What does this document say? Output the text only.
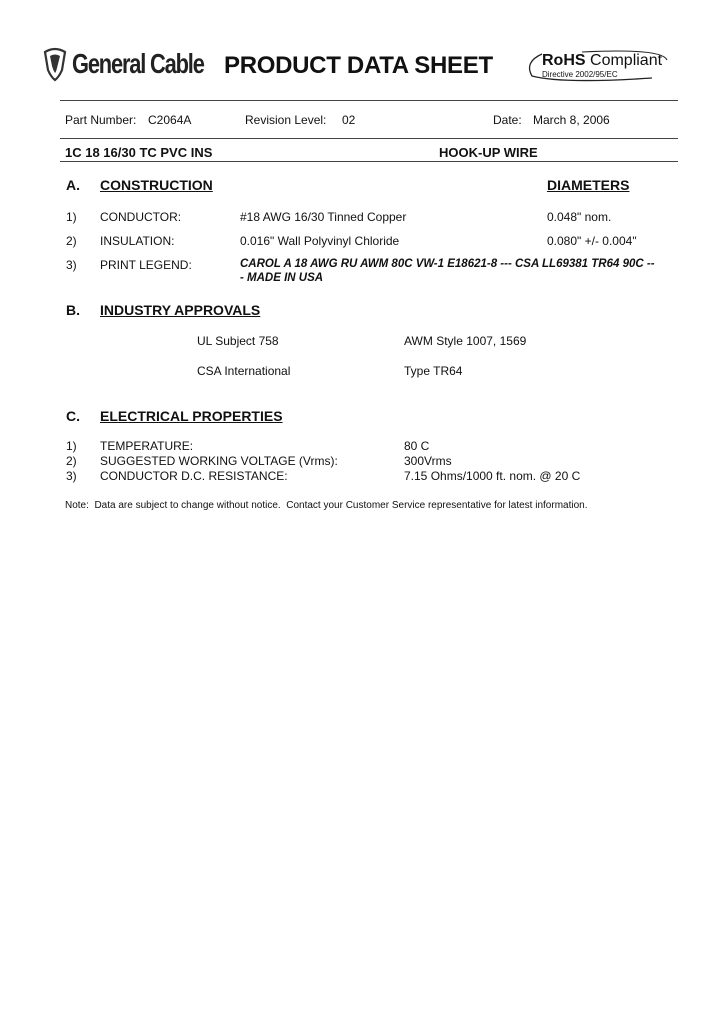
General Cable PRODUCT DATA SHEET	RoHS Compliant
Directive 2002/95/EC
Part Number: C2064A	Revision Level: 02	Date: March 8, 2006
1C 18 16/30 TC PVC INS	HOOK-UP WIRE
A. CONSTRUCTION	DIAMETERS
1) CONDUCTOR:	#18 AWG 16/30 Tinned Copper	0.048" nom.
2) INSULATION:	0.016" Wall Polyvinyl Chloride	0.080" +/- 0.004"
3) PRINT LEGEND:	CAROL A 18 AWG RU AWM 80C VW-1 E18621-8 --- CSA LL69381 TR64 90C --
- MADE IN USA
B. INDUSTRY APPROVALS
UL Subject 758	AWM Style 1007, 1569
CSA International	Type TR64
C. ELECTRICAL PROPERTIES
1) TEMPERATURE:	80 C
2) SUGGESTED WORKING VOLTAGE (Vrms):	300Vrms
3) CONDUCTOR D.C. RESISTANCE:	7.15 Ohms/1000 ft. nom. @ 20 C
Note:  Data are subject to change without notice.  Contact your Customer Service representative for latest information.
